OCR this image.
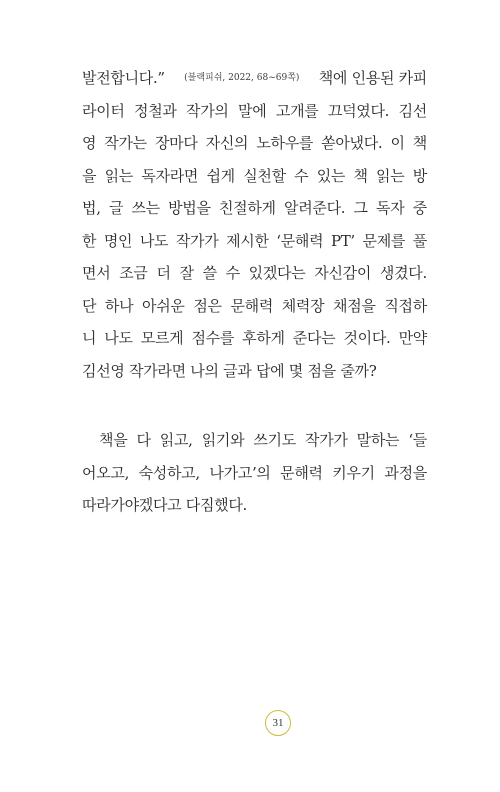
발전합니다.” (블랙피쉬, 2022, 68~69쪽) 책에 인용된 카피
라이터 정철과 작가의 말에 고개를 끄덕였다. 김선
영 작가는 장마다 자신의 노하우를 쏟아냈다. 이 책
을 읽는 독자라면 쉽게 실천할 수 있는 책 읽는 방
법, 글 쓰는 방법을 친절하게 알려준다. 그 독자 중
한 명인 나도 작가가 제시한 ‘문해력 PT’ 문제를 풀
면서 조금 더 잘 쓸 수 있겠다는 자신감이 생겼다.
단 하나 아쉬운 점은 문해력 체력장 채점을 직접하
니 나도 모르게 점수를 후하게 준다는 것이다. 만약
김선영 작가라면 나의 글과 답에 몇 점을 줄까?
책을 다 읽고, 읽기와 쓰기도 작가가 말하는 ‘들
어오고, 숙성하고, 나가고’의 문해력 키우기 과정을
따라가야겠다고 다짐했다.
31
